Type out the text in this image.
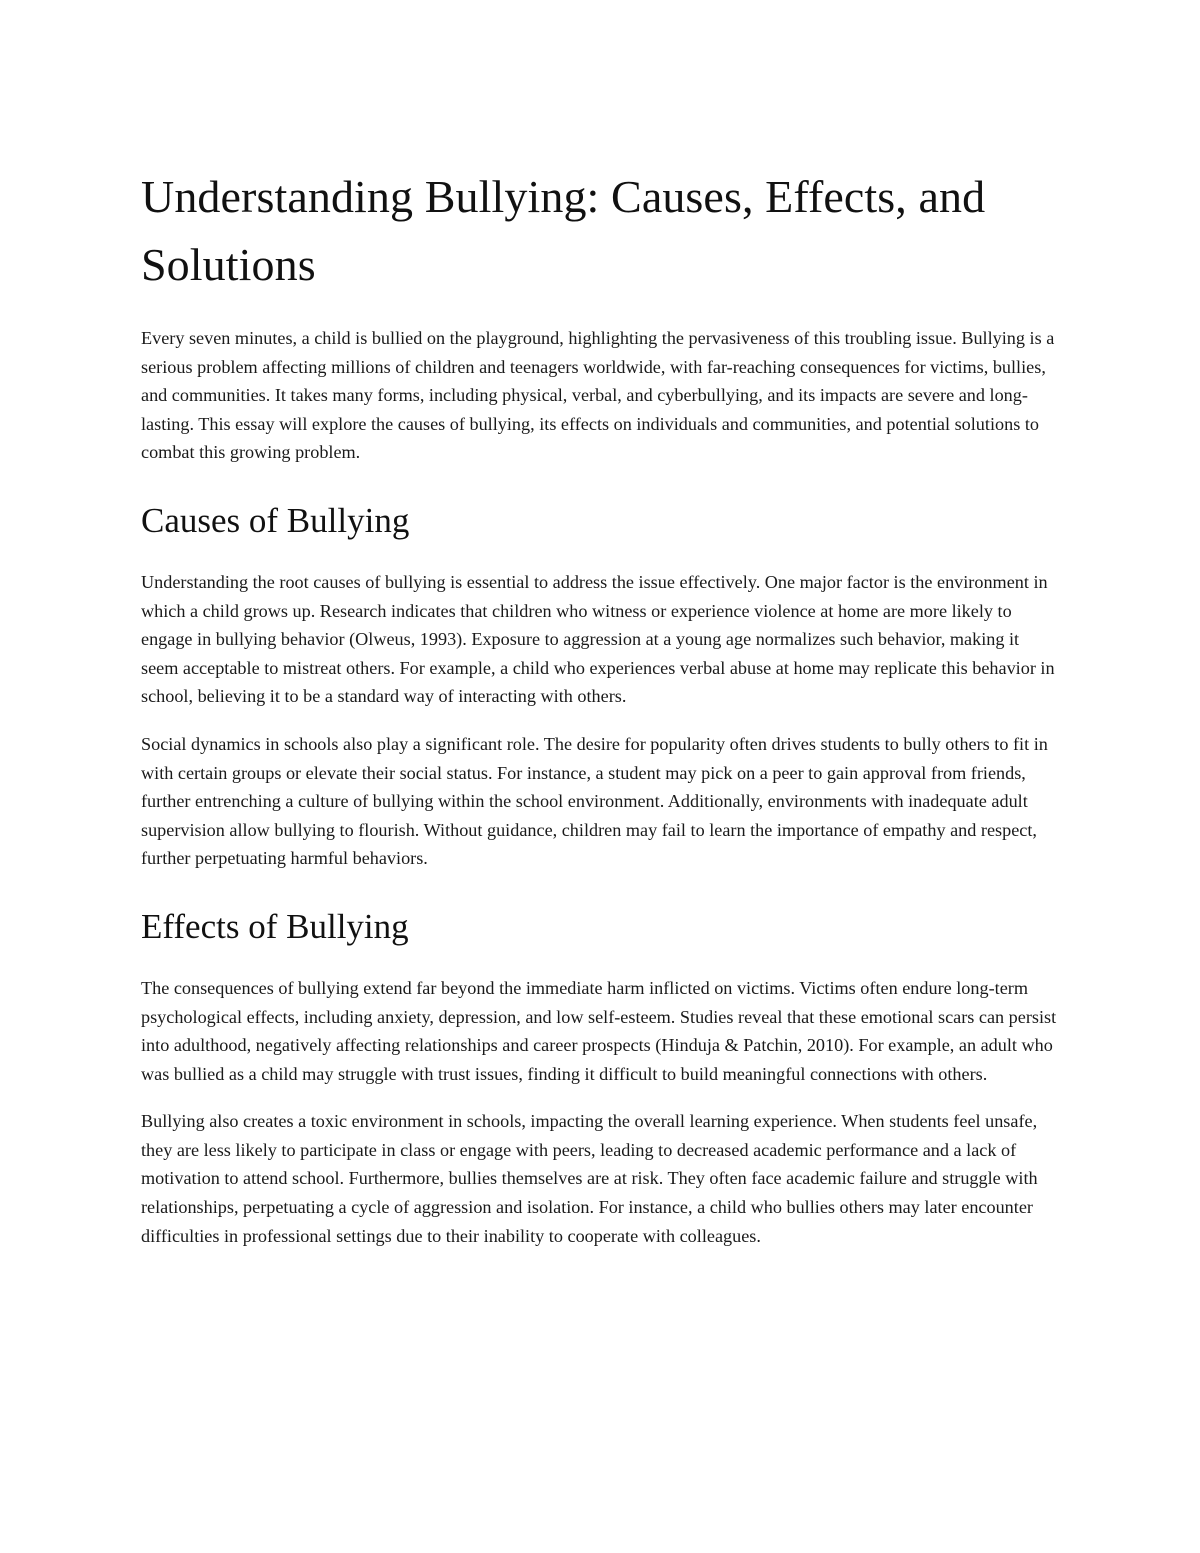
Understanding Bullying: Causes, Effects, and Solutions

Every seven minutes, a child is bullied on the playground, highlighting the pervasiveness of this troubling issue. Bullying is a serious problem affecting millions of children and teenagers worldwide, with far-reaching consequences for victims, bullies, and communities. It takes many forms, including physical, verbal, and cyberbullying, and its impacts are severe and long-lasting. This essay will explore the causes of bullying, its effects on individuals and communities, and potential solutions to combat this growing problem.

Causes of Bullying

Understanding the root causes of bullying is essential to address the issue effectively. One major factor is the environment in which a child grows up. Research indicates that children who witness or experience violence at home are more likely to engage in bullying behavior (Olweus, 1993). Exposure to aggression at a young age normalizes such behavior, making it seem acceptable to mistreat others. For example, a child who experiences verbal abuse at home may replicate this behavior in school, believing it to be a standard way of interacting with others.

Social dynamics in schools also play a significant role. The desire for popularity often drives students to bully others to fit in with certain groups or elevate their social status. For instance, a student may pick on a peer to gain approval from friends, further entrenching a culture of bullying within the school environment. Additionally, environments with inadequate adult supervision allow bullying to flourish. Without guidance, children may fail to learn the importance of empathy and respect, further perpetuating harmful behaviors.

Effects of Bullying

The consequences of bullying extend far beyond the immediate harm inflicted on victims. Victims often endure long-term psychological effects, including anxiety, depression, and low self-esteem. Studies reveal that these emotional scars can persist into adulthood, negatively affecting relationships and career prospects (Hinduja & Patchin, 2010). For example, an adult who was bullied as a child may struggle with trust issues, finding it difficult to build meaningful connections with others.

Bullying also creates a toxic environment in schools, impacting the overall learning experience. When students feel unsafe, they are less likely to participate in class or engage with peers, leading to decreased academic performance and a lack of motivation to attend school. Furthermore, bullies themselves are at risk. They often face academic failure and struggle with relationships, perpetuating a cycle of aggression and isolation. For instance, a child who bullies others may later encounter difficulties in professional settings due to their inability to cooperate with colleagues.
